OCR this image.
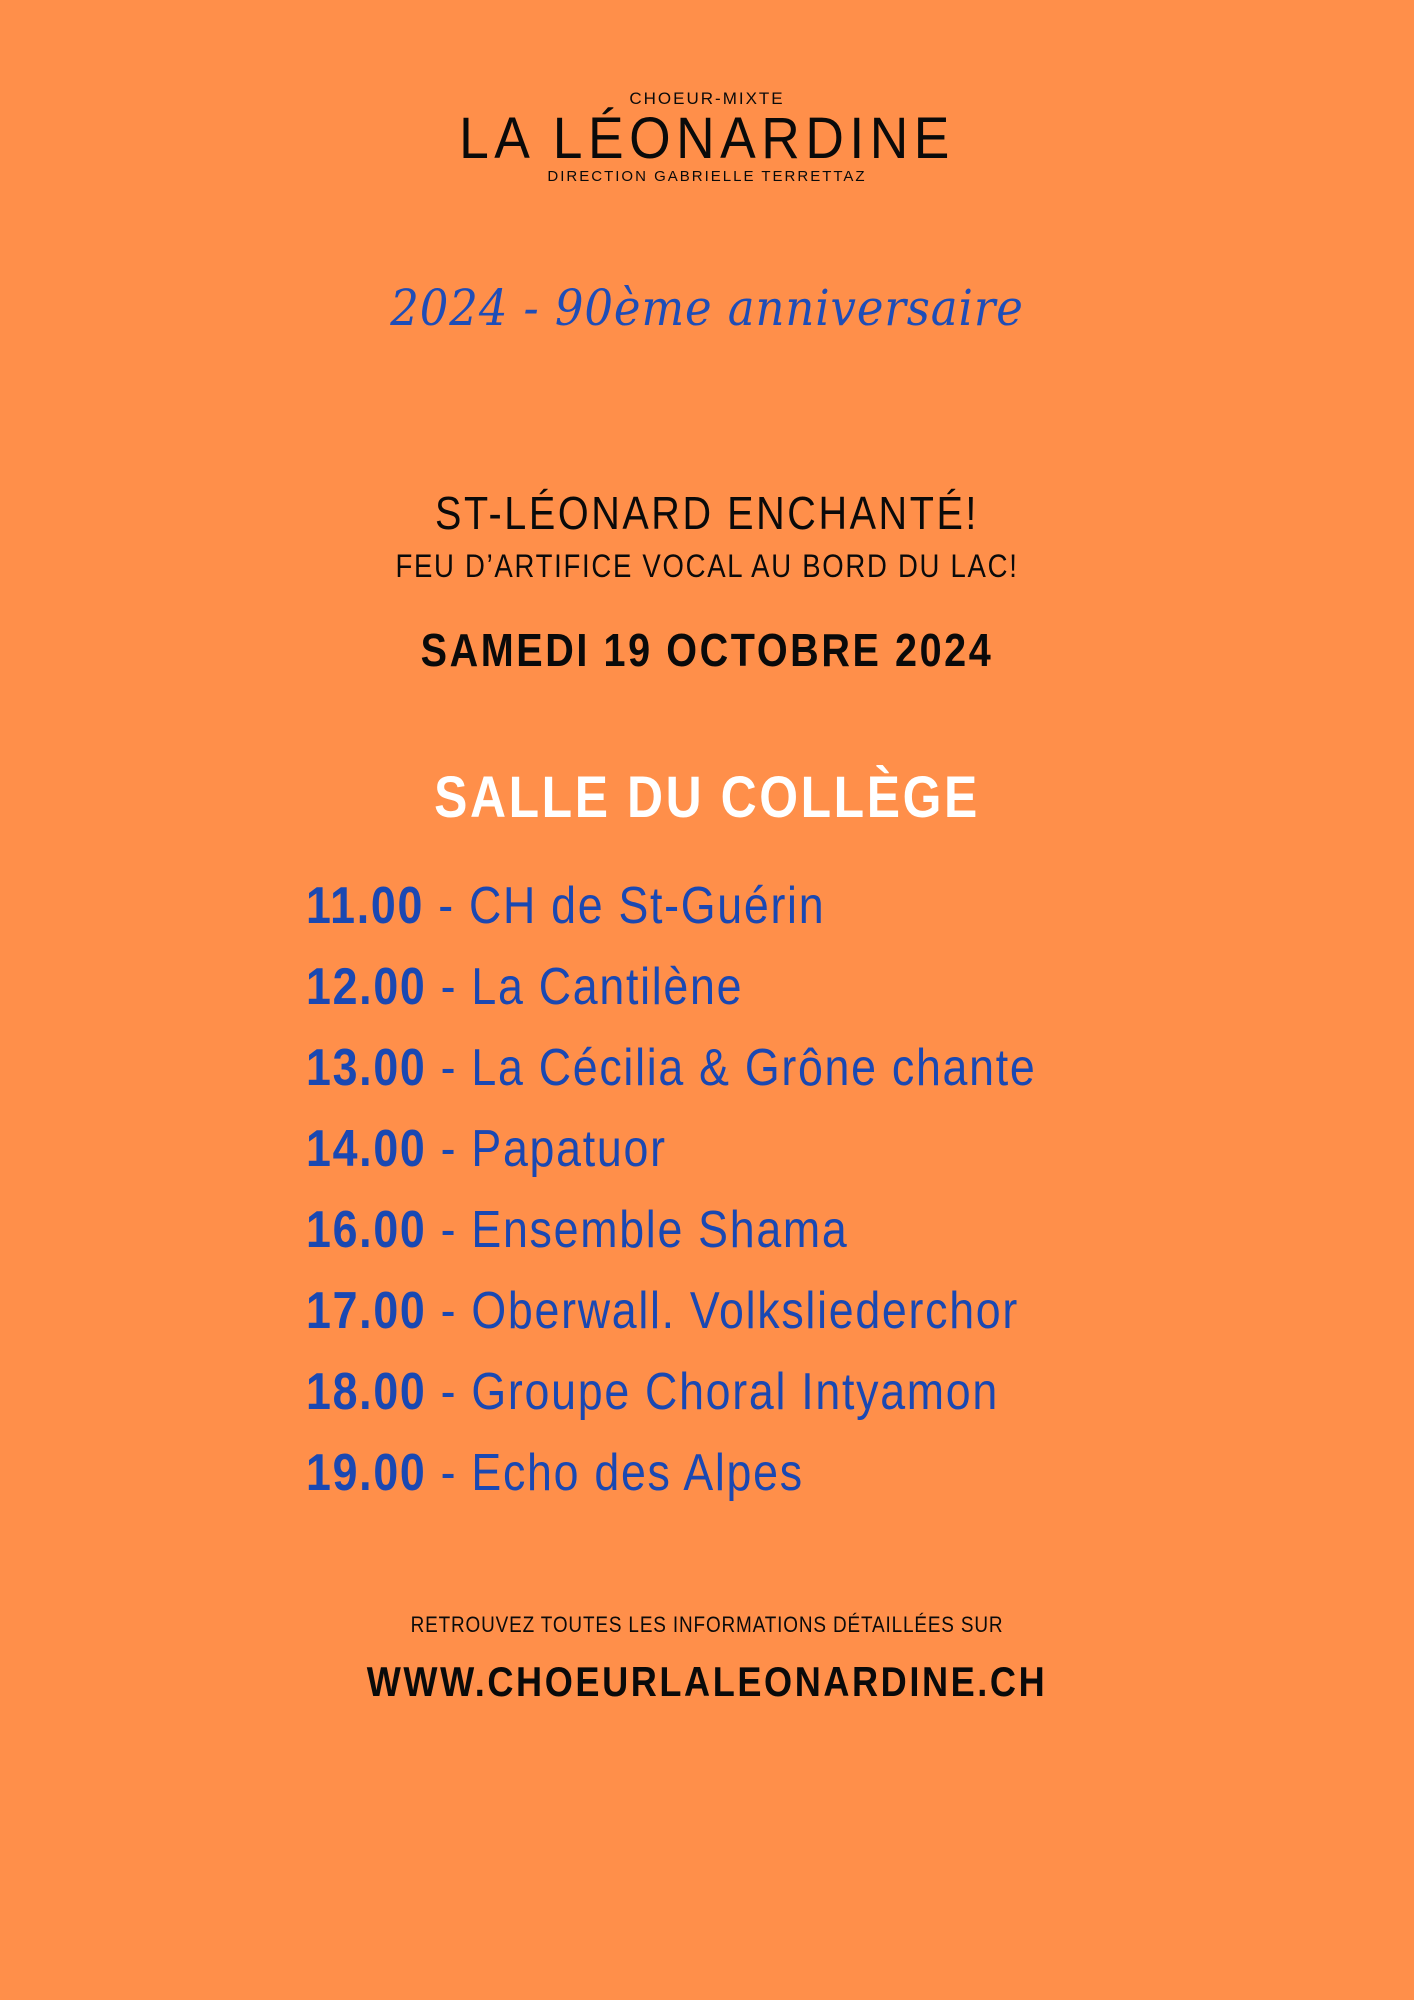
CHOEUR-MIXTE
LA LÉONARDINE
DIRECTION GABRIELLE TERRETTAZ
2024 - 90ème anniversaire
ST-LÉONARD ENCHANTÉ!
FEU D’ARTIFICE VOCAL AU BORD DU LAC!
SAMEDI 19 OCTOBRE 2024
SALLE DU COLLÈGE
11.00 - CH de St-Guérin
12.00 - La Cantilène
13.00 - La Cécilia & Grône chante
14.00 - Papatuor
16.00 - Ensemble Shama
17.00 - Oberwall. Volksliederchor
18.00 - Groupe Choral Intyamon
19.00 - Echo des Alpes
RETROUVEZ TOUTES LES INFORMATIONS DÉTAILLÉES SUR
WWW.CHOEURLALEONARDINE.CH
